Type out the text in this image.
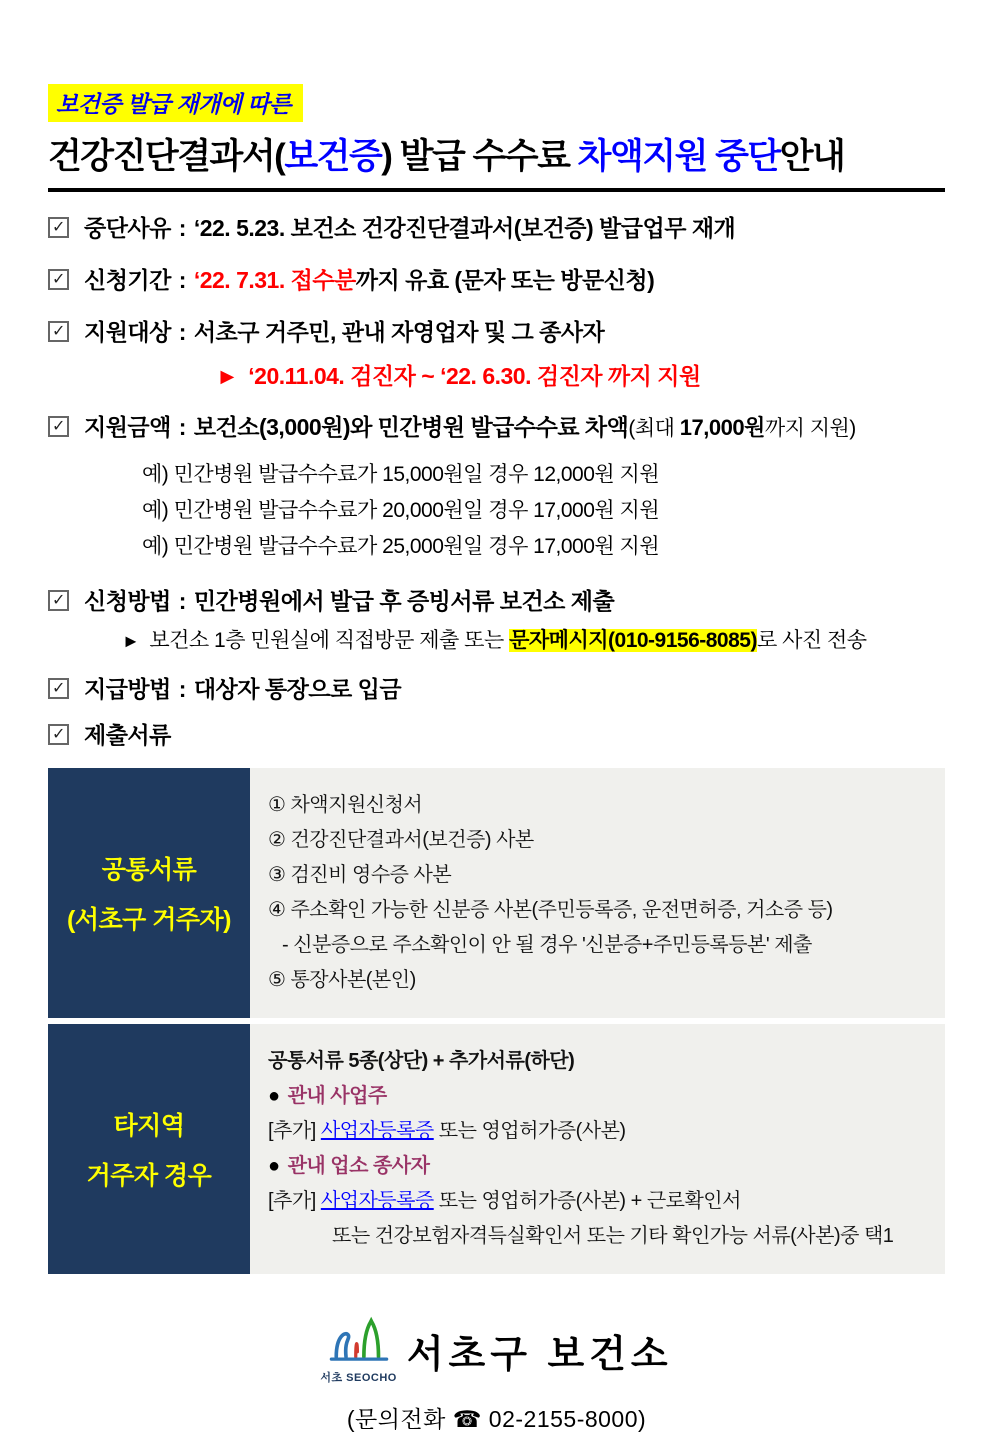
보건증 발급 재개에 따른
건강진단결과서(보건증) 발급 수수료 차액지원 중단안내
✓ 중단사유 : ‘22. 5.23. 보건소 건강진단결과서(보건증) 발급업무 재개
✓ 신청기간 : ‘22. 7.31. 접수분까지 유효 (문자 또는 방문신청)
✓ 지원대상 : 서초구 거주민, 관내 자영업자 및 그 종사자
► ‘20.11.04. 검진자 ~ ‘22. 6.30. 검진자 까지 지원
✓ 지원금액 : 보건소(3,000원)와 민간병원 발급수수료 차액(최대 17,000원까지 지원)
예) 민간병원 발급수수료가 15,000원일 경우 12,000원 지원
예) 민간병원 발급수수료가 20,000원일 경우 17,000원 지원
예) 민간병원 발급수수료가 25,000원일 경우 17,000원 지원
✓ 신청방법 : 민간병원에서 발급 후 증빙서류 보건소 제출
► 보건소 1층 민원실에 직접방문 제출 또는 문자메시지(010-9156-8085)로 사진 전송
✓ 지급방법 : 대상자 통장으로 입금
✓ 제출서류
공통서류
(서초구 거주자)
① 차액지원신청서
② 건강진단결과서(보건증) 사본
③ 검진비 영수증 사본
④ 주소확인 가능한 신분증 사본(주민등록증, 운전면허증, 거소증 등)
- 신분증으로 주소확인이 안 될 경우 '신분증+주민등록등본' 제출
⑤ 통장사본(본인)
타지역
거주자 경우
공통서류 5종(상단) + 추가서류(하단)
● 관내 사업주
[추가] 사업자등록증 또는 영업허가증(사본)
● 관내 업소 종사자
[추가] 사업자등록증 또는 영업허가증(사본) + 근로확인서
또는 건강보험자격득실확인서 또는 기타 확인가능 서류(사본)중 택1
서초 SEOCHO
서초구 보건소
(문의전화 ☎ 02-2155-8000)
